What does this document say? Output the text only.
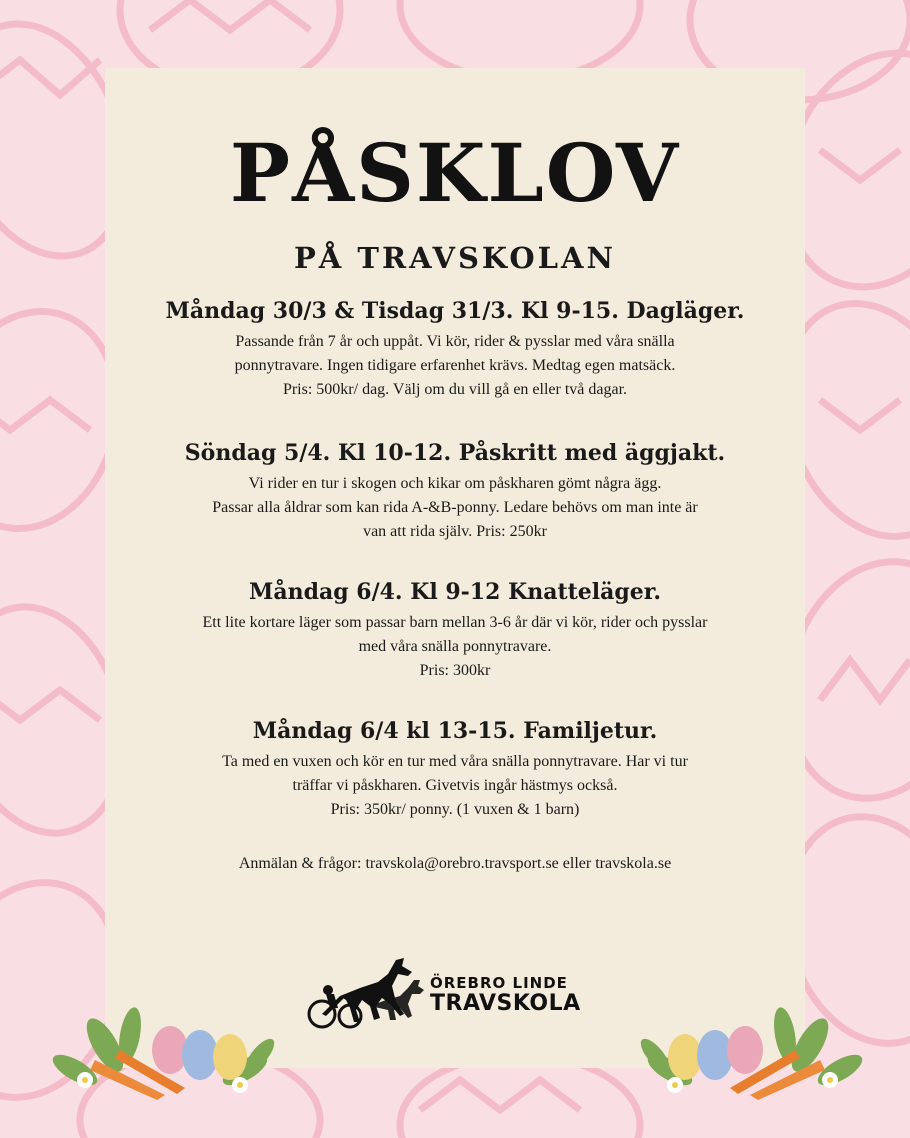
PÅSKLOV
PÅ TRAVSKOLAN
Måndag 30/3 & Tisdag 31/3. Kl 9-15. Dagläger.

Passande från 7 år och uppåt. Vi kör, rider & pysslar med våra snälla

ponnytravare. Ingen tidigare erfarenhet krävs. Medtag egen matsäck.

Pris: 500kr/ dag. Välj om du vill gå en eller två dagar.

Söndag 5/4. Kl 10-12. Påskritt med äggjakt.

Vi rider en tur i skogen och kikar om påskharen gömt några ägg.

Passar alla åldrar som kan rida A-&B-ponny. Ledare behövs om man inte är

van att rida själv. Pris: 250kr

Måndag 6/4. Kl 9-12 Knatteläger.

Ett lite kortare läger som passar barn mellan 3-6 år där vi kör, rider och pysslar

med våra snälla ponnytravare.

Pris: 300kr

Måndag 6/4 kl 13-15. Familjetur.

Ta med en vuxen och kör en tur med våra snälla ponnytravare. Har vi tur

träffar vi påskharen. Givetvis ingår hästmys också.

Pris: 350kr/ ponny. (1 vuxen & 1 barn)

Anmälan & frågor: travskola@orebro.travsport.se eller travskola.se
ÖREBRO LINDE
TRAVSKOLA
